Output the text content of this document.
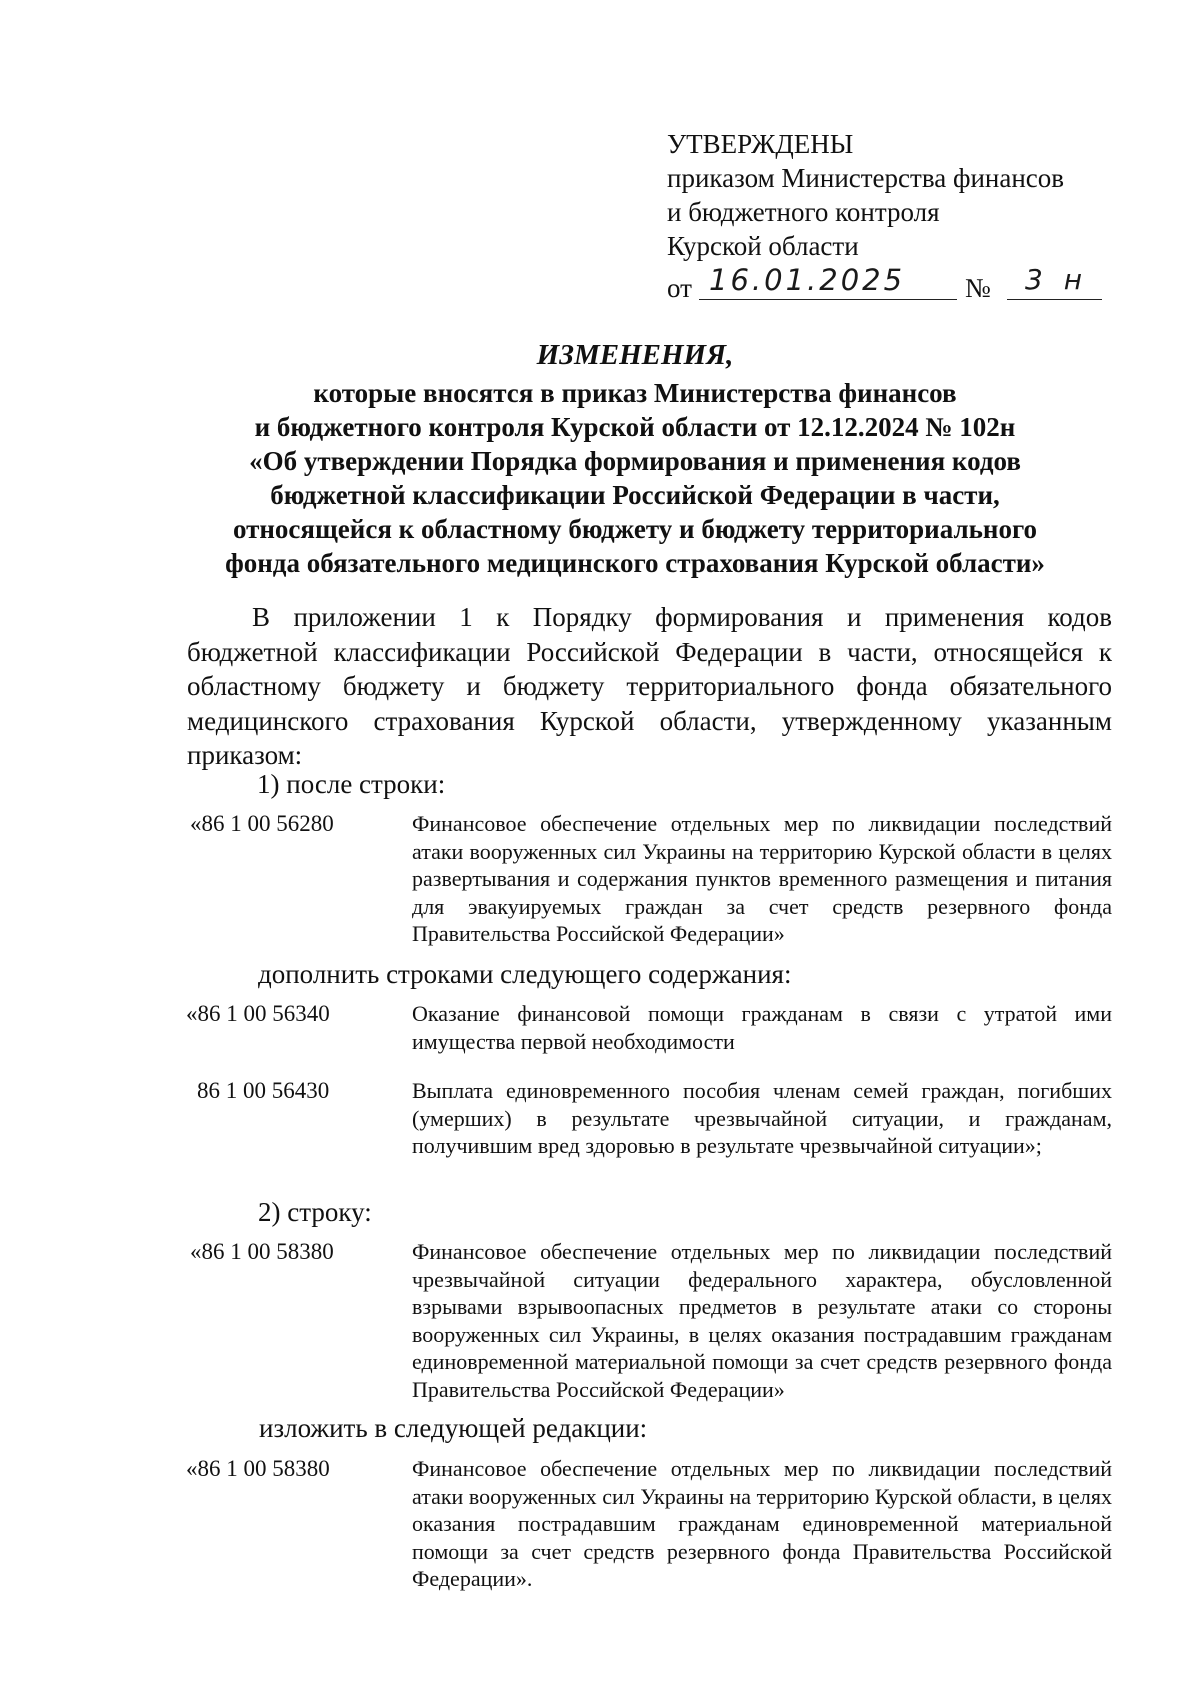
УТВЕРЖДЕНЫ
приказом Министерства финансов
и бюджетного контроля
Курской области
от 16.01.2025 № 3 н
ИЗМЕНЕНИЯ,
которые вносятся в приказ Министерства финансов
и бюджетного контроля Курской области от 12.12.2024 № 102н
«Об утверждении Порядка формирования и применения кодов
бюджетной классификации Российской Федерации в части,
относящейся к областному бюджету и бюджету территориального
фонда обязательного медицинского страхования Курской области»
В приложении 1 к Порядку формирования и применения кодов бюджетной классификации Российской Федерации в части, относящейся к областному бюджету и бюджету территориального фонда обязательного медицинского страхования Курской области, утвержденному указанным приказом:
1) после строки:
«86 1 00 56280	Финансовое обеспечение отдельных мер по ликвидации последствий атаки вооруженных сил Украины на территорию Курской области в целях развертывания и содержания пунктов временного размещения и питания для эвакуируемых граждан за счет средств резервного фонда Правительства Российской Федерации»
дополнить строками следующего содержания:
«86 1 00 56340	Оказание финансовой помощи гражданам в связи с утратой ими имущества первой необходимости
86 1 00 56430	Выплата единовременного пособия членам семей граждан, погибших (умерших) в результате чрезвычайной ситуации, и гражданам, получившим вред здоровью в результате чрезвычайной ситуации»;
2) строку:
«86 1 00 58380	Финансовое обеспечение отдельных мер по ликвидации последствий чрезвычайной ситуации федерального характера, обусловленной взрывами взрывоопасных предметов в результате атаки со стороны вооруженных сил Украины, в целях оказания пострадавшим гражданам единовременной материальной помощи за счет средств резервного фонда Правительства Российской Федерации»
изложить в следующей редакции:
«86 1 00 58380	Финансовое обеспечение отдельных мер по ликвидации последствий атаки вооруженных сил Украины на территорию Курской области, в целях оказания пострадавшим гражданам единовременной материальной помощи за счет средств резервного фонда Правительства Российской Федерации».
